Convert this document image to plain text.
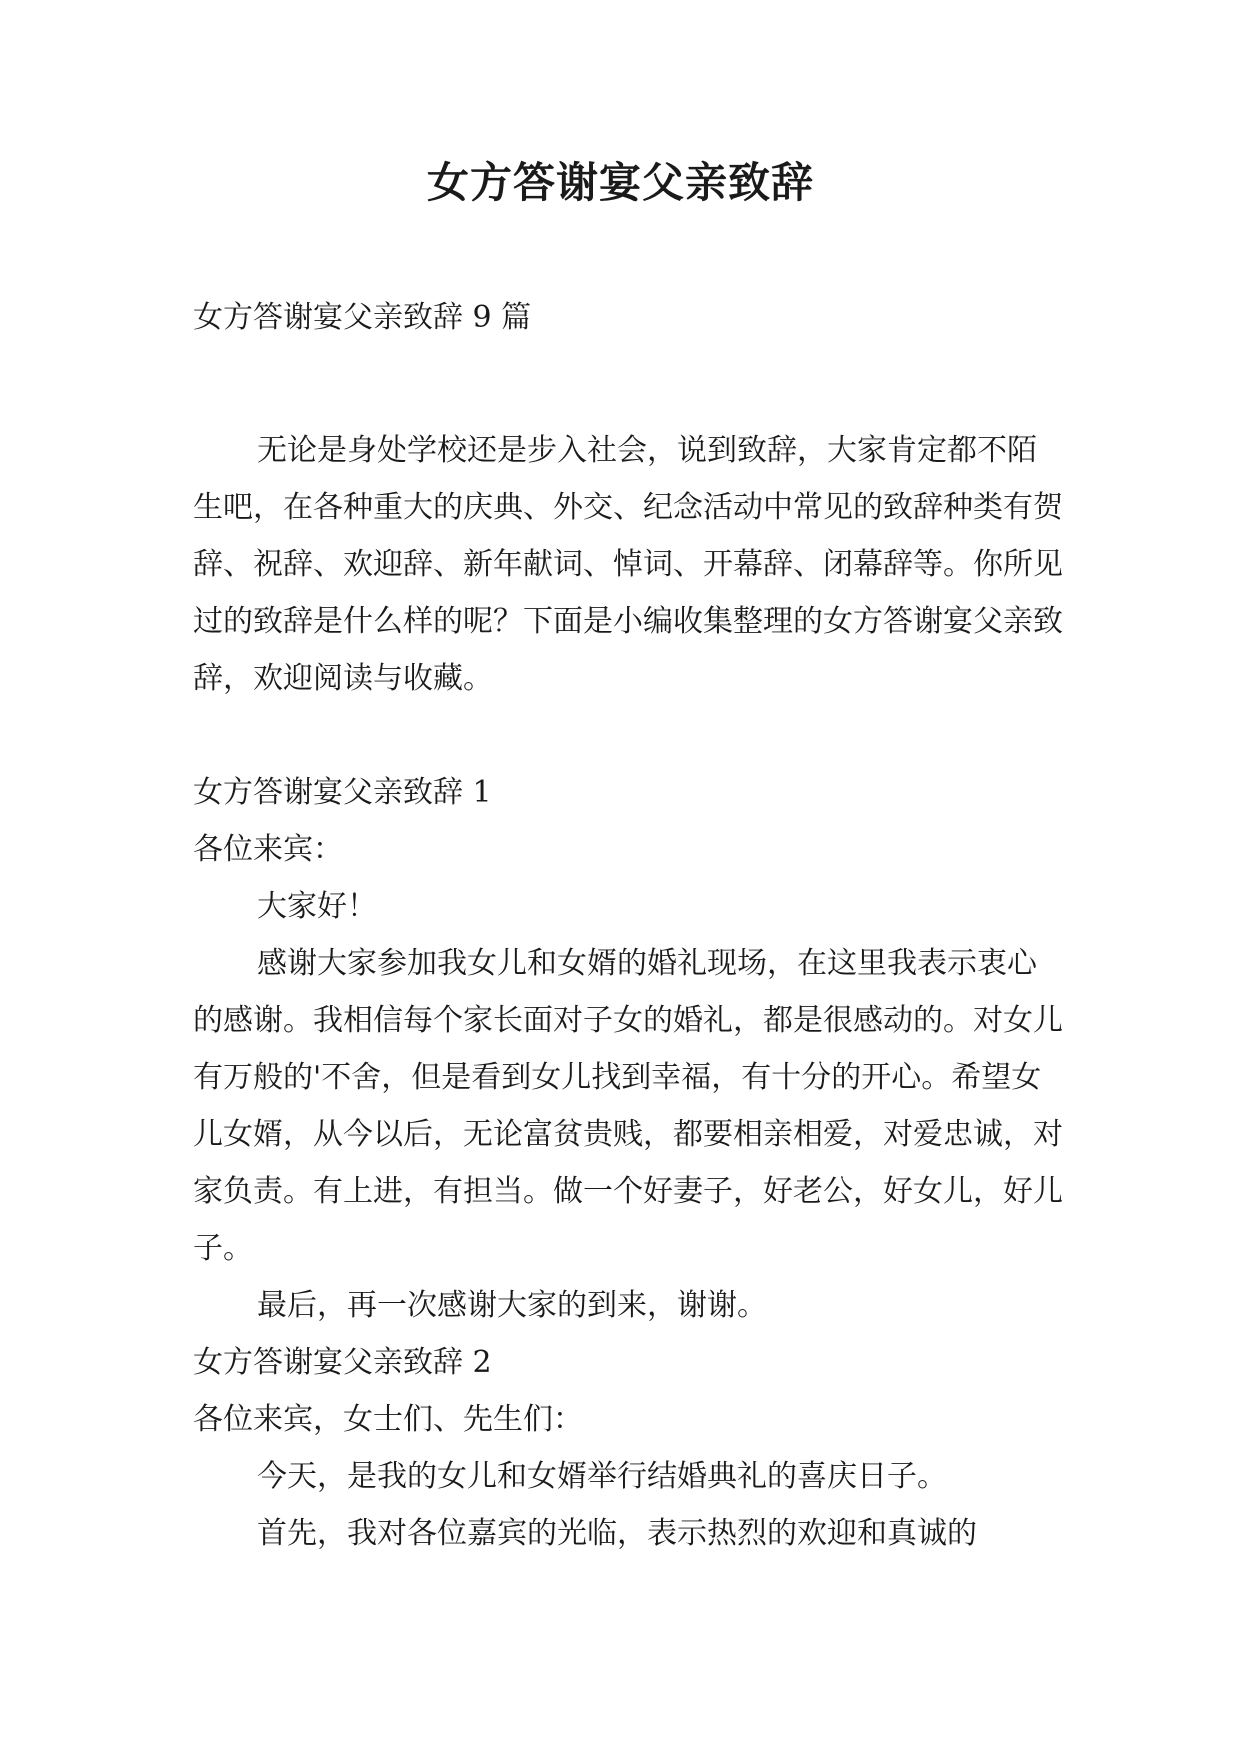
女方答谢宴父亲致辞

女方答谢宴父亲致辞 9 篇

无论是身处学校还是步入社会，说到致辞，大家肯定都不陌生吧，在各种重大的庆典、外交、纪念活动中常见的致辞种类有贺辞、祝辞、欢迎辞、新年献词、悼词、开幕辞、闭幕辞等。你所见过的致辞是什么样的呢？下面是小编收集整理的女方答谢宴父亲致辞，欢迎阅读与收藏。

女方答谢宴父亲致辞 1

各位来宾：

大家好！

感谢大家参加我女儿和女婿的婚礼现场，在这里我表示衷心的感谢。我相信每个家长面对子女的婚礼，都是很感动的。对女儿有万般的'不舍，但是看到女儿找到幸福，有十分的开心。希望女儿女婿，从今以后，无论富贫贵贱，都要相亲相爱，对爱忠诚，对家负责。有上进，有担当。做一个好妻子，好老公，好女儿，好儿子。

最后，再一次感谢大家的到来，谢谢。

女方答谢宴父亲致辞 2

各位来宾，女士们、先生们：

今天，是我的女儿和女婿举行结婚典礼的喜庆日子。

首先，我对各位嘉宾的光临，表示热烈的欢迎和真诚的
